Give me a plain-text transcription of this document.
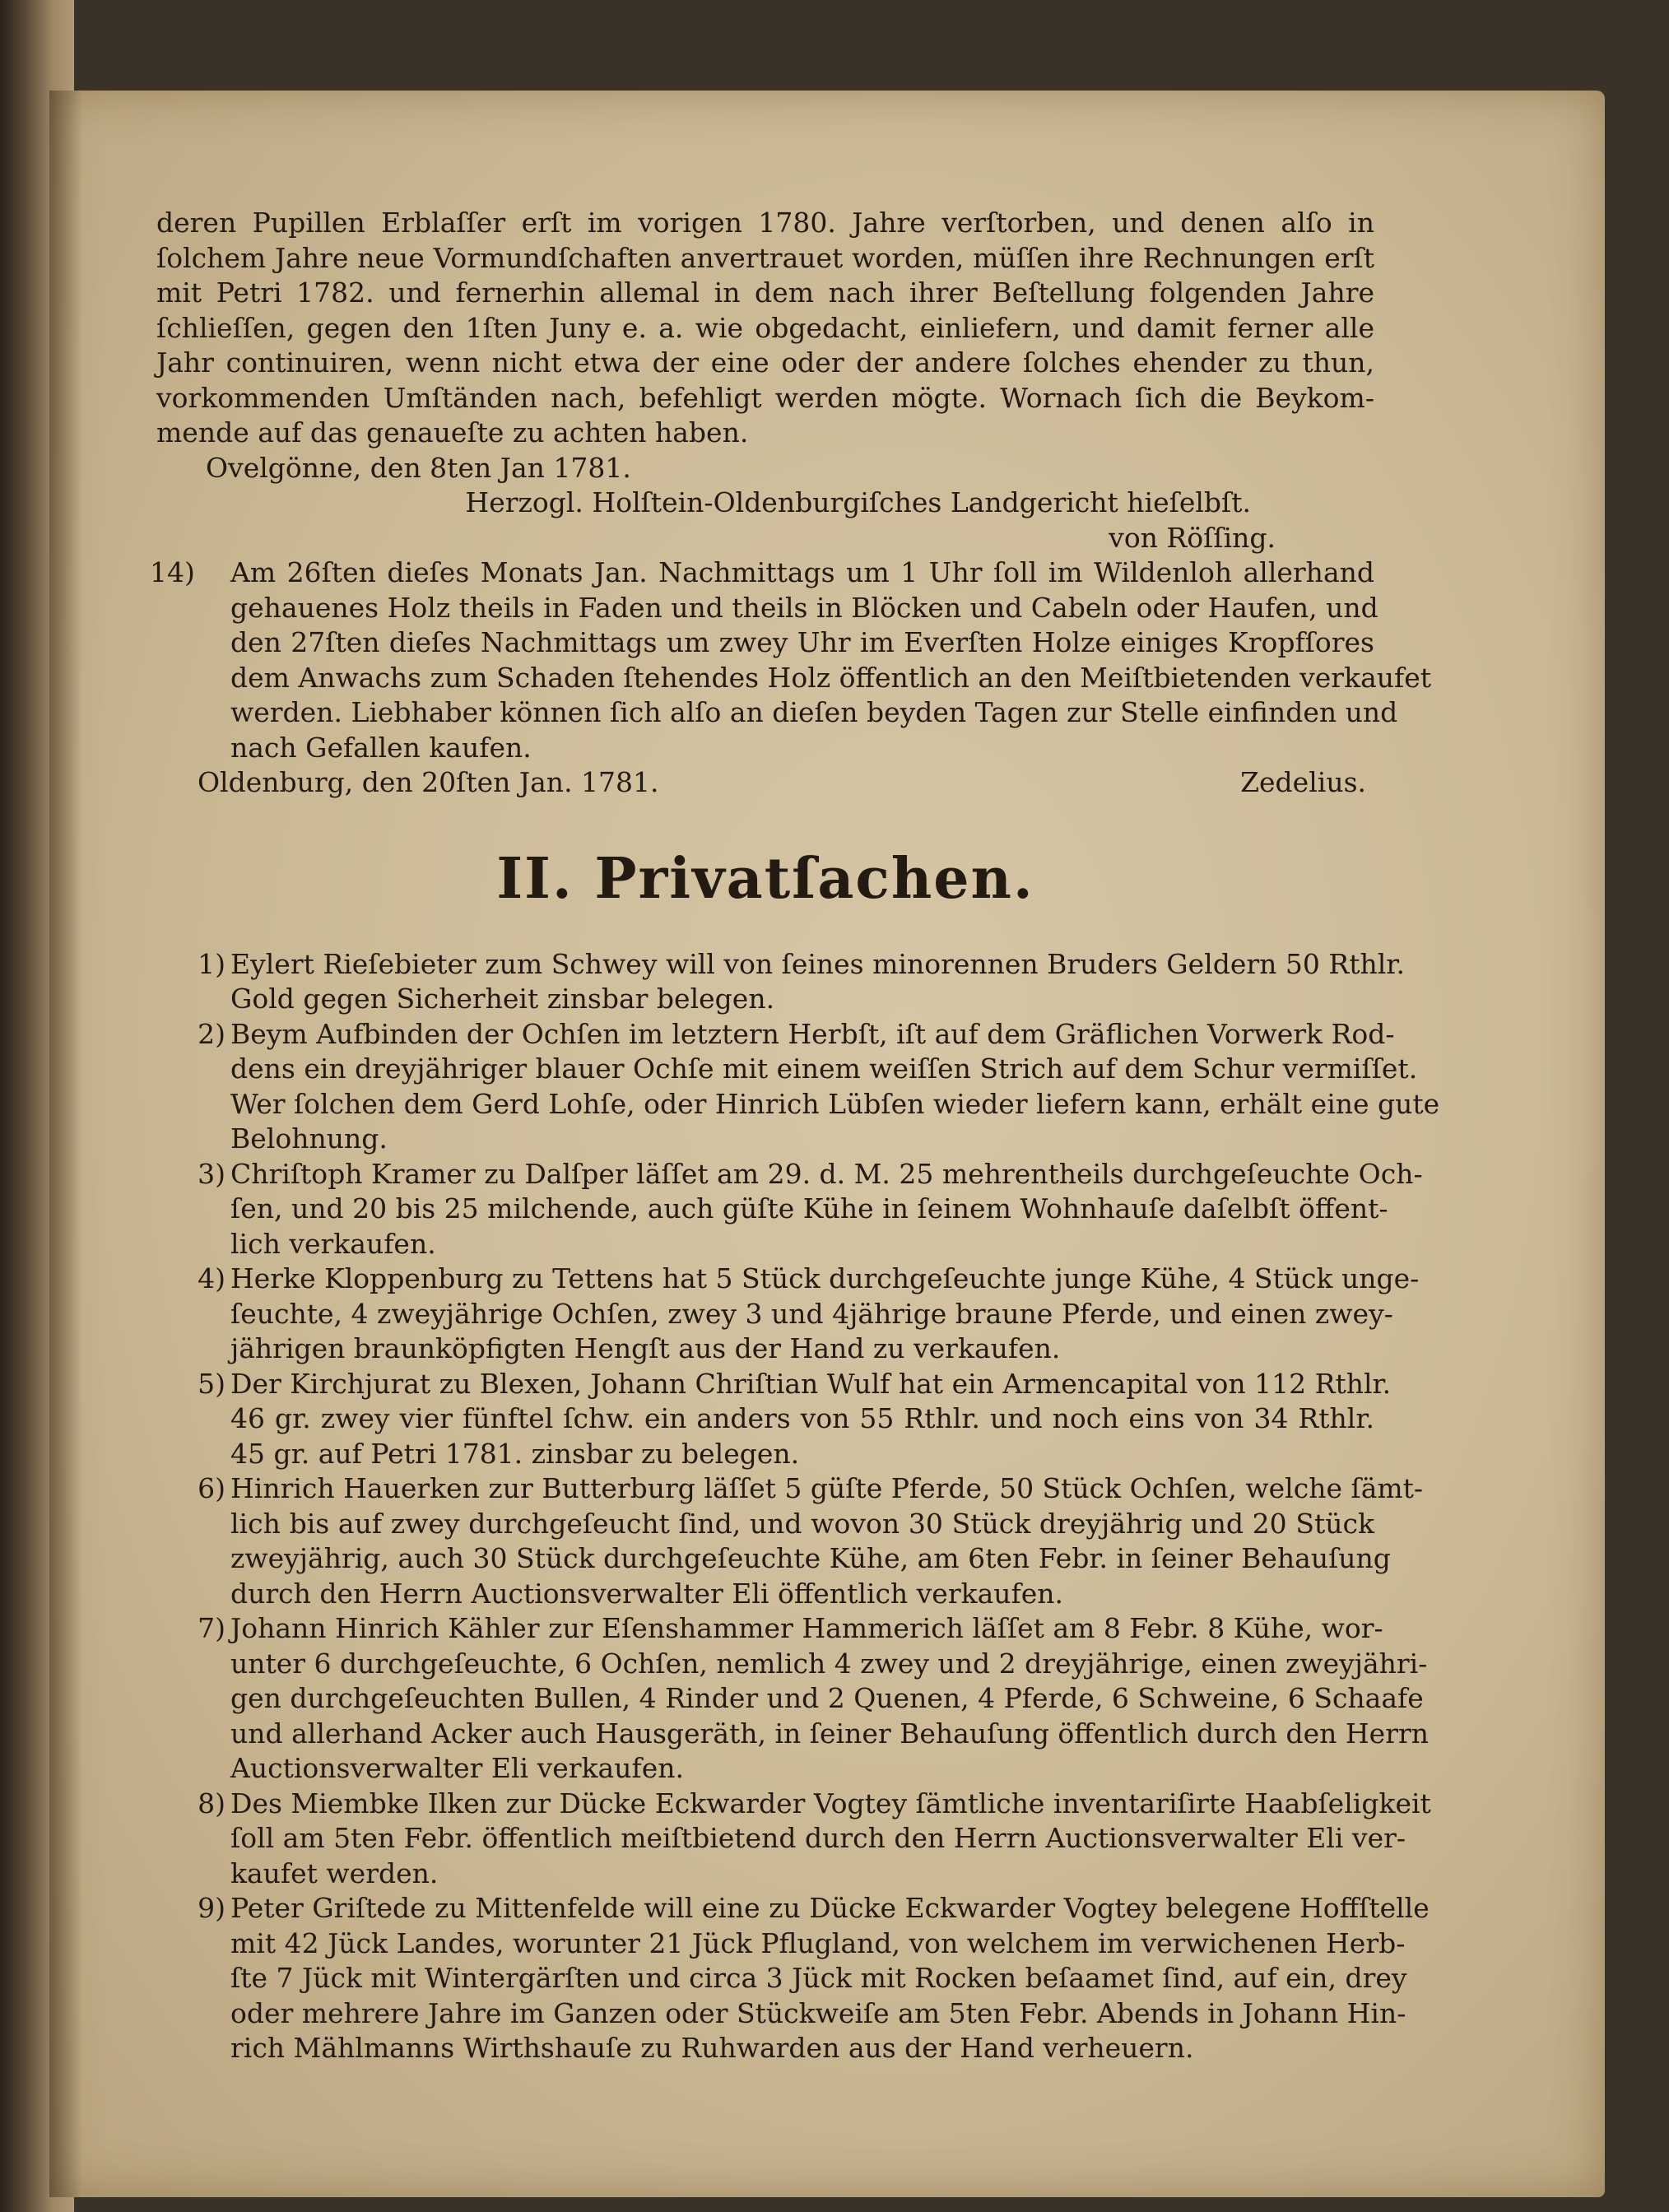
deren Pupillen Erblaſſer erſt im vorigen 1780. Jahre verſtorben, und denen alſo in
ſolchem Jahre neue Vormundſchaften anvertrauet worden, müſſen ihre Rechnungen erſt
mit Petri 1782. und fernerhin allemal in dem nach ihrer Beſtellung folgenden Jahre
ſchlieſſen, gegen den 1ſten Juny e. a. wie obgedacht, einliefern, und damit ferner alle
Jahr continuiren, wenn nicht etwa der eine oder der andere ſolches ehender zu thun,
vorkommenden Umſtänden nach, befehligt werden mögte. Wornach ſich die Beykom-
mende auf das genaueſte zu achten haben.
Ovelgönne, den 8ten Jan 1781.
Herzogl. Holſtein-Oldenburgiſches Landgericht hieſelbſt.
von Röſſing.
14) Am 26ſten dieſes Monats Jan. Nachmittags um 1 Uhr ſoll im Wildenloh allerhand
gehauenes Holz theils in Faden und theils in Blöcken und Cabeln oder Haufen, und
den 27ſten dieſes Nachmittags um zwey Uhr im Everſten Holze einiges Kropfſores
dem Anwachs zum Schaden ſtehendes Holz öffentlich an den Meiſtbietenden verkaufet
werden. Liebhaber können ſich alſo an dieſen beyden Tagen zur Stelle einfinden und
nach Gefallen kaufen.
Oldenburg, den 20ſten Jan. 1781.	Zedelius.
II. Privatſachen.
1) Eylert Rieſebieter zum Schwey will von ſeines minorennen Bruders Geldern 50 Rthlr.
Gold gegen Sicherheit zinsbar belegen.
2) Beym Aufbinden der Ochſen im letztern Herbſt, iſt auf dem Gräflichen Vorwerk Rod-
dens ein dreyjähriger blauer Ochſe mit einem weiſſen Strich auf dem Schur vermiſſet.
Wer ſolchen dem Gerd Lohſe, oder Hinrich Lübſen wieder liefern kann, erhält eine gute
Belohnung.
3) Chriſtoph Kramer zu Dalſper läſſet am 29. d. M. 25 mehrentheils durchgeſeuchte Och-
ſen, und 20 bis 25 milchende, auch güſte Kühe in ſeinem Wohnhauſe daſelbſt öffent-
lich verkaufen.
4) Herke Kloppenburg zu Tettens hat 5 Stück durchgeſeuchte junge Kühe, 4 Stück unge-
ſeuchte, 4 zweyjährige Ochſen, zwey 3 und 4jährige braune Pferde, und einen zwey-
jährigen braunköpfigten Hengſt aus der Hand zu verkaufen.
5) Der Kirchjurat zu Blexen, Johann Chriſtian Wulf hat ein Armencapital von 112 Rthlr.
46 gr. zwey vier fünftel ſchw. ein anders von 55 Rthlr. und noch eins von 34 Rthlr.
45 gr. auf Petri 1781. zinsbar zu belegen.
6) Hinrich Hauerken zur Butterburg läſſet 5 güſte Pferde, 50 Stück Ochſen, welche ſämt-
lich bis auf zwey durchgeſeucht ſind, und wovon 30 Stück dreyjährig und 20 Stück
zweyjährig, auch 30 Stück durchgeſeuchte Kühe, am 6ten Febr. in ſeiner Behauſung
durch den Herrn Auctionsverwalter Eli öffentlich verkaufen.
7) Johann Hinrich Kähler zur Eſenshammer Hammerich läſſet am 8 Febr. 8 Kühe, wor-
unter 6 durchgeſeuchte, 6 Ochſen, nemlich 4 zwey und 2 dreyjährige, einen zweyjähri-
gen durchgeſeuchten Bullen, 4 Rinder und 2 Quenen, 4 Pferde, 6 Schweine, 6 Schaafe
und allerhand Acker auch Hausgeräth, in ſeiner Behauſung öffentlich durch den Herrn
Auctionsverwalter Eli verkaufen.
8) Des Miembke Ilken zur Dücke Eckwarder Vogtey ſämtliche inventariſirte Haabſeligkeit
ſoll am 5ten Febr. öffentlich meiſtbietend durch den Herrn Auctionsverwalter Eli ver-
kaufet werden.
9) Peter Griſtede zu Mittenfelde will eine zu Dücke Eckwarder Vogtey belegene Hoffſtelle
mit 42 Jück Landes, worunter 21 Jück Pflugland, von welchem im verwichenen Herb-
ſte 7 Jück mit Wintergärſten und circa 3 Jück mit Rocken beſaamet ſind, auf ein, drey
oder mehrere Jahre im Ganzen oder Stückweiſe am 5ten Febr. Abends in Johann Hin-
rich Mählmanns Wirthshauſe zu Ruhwarden aus der Hand verheuern.
